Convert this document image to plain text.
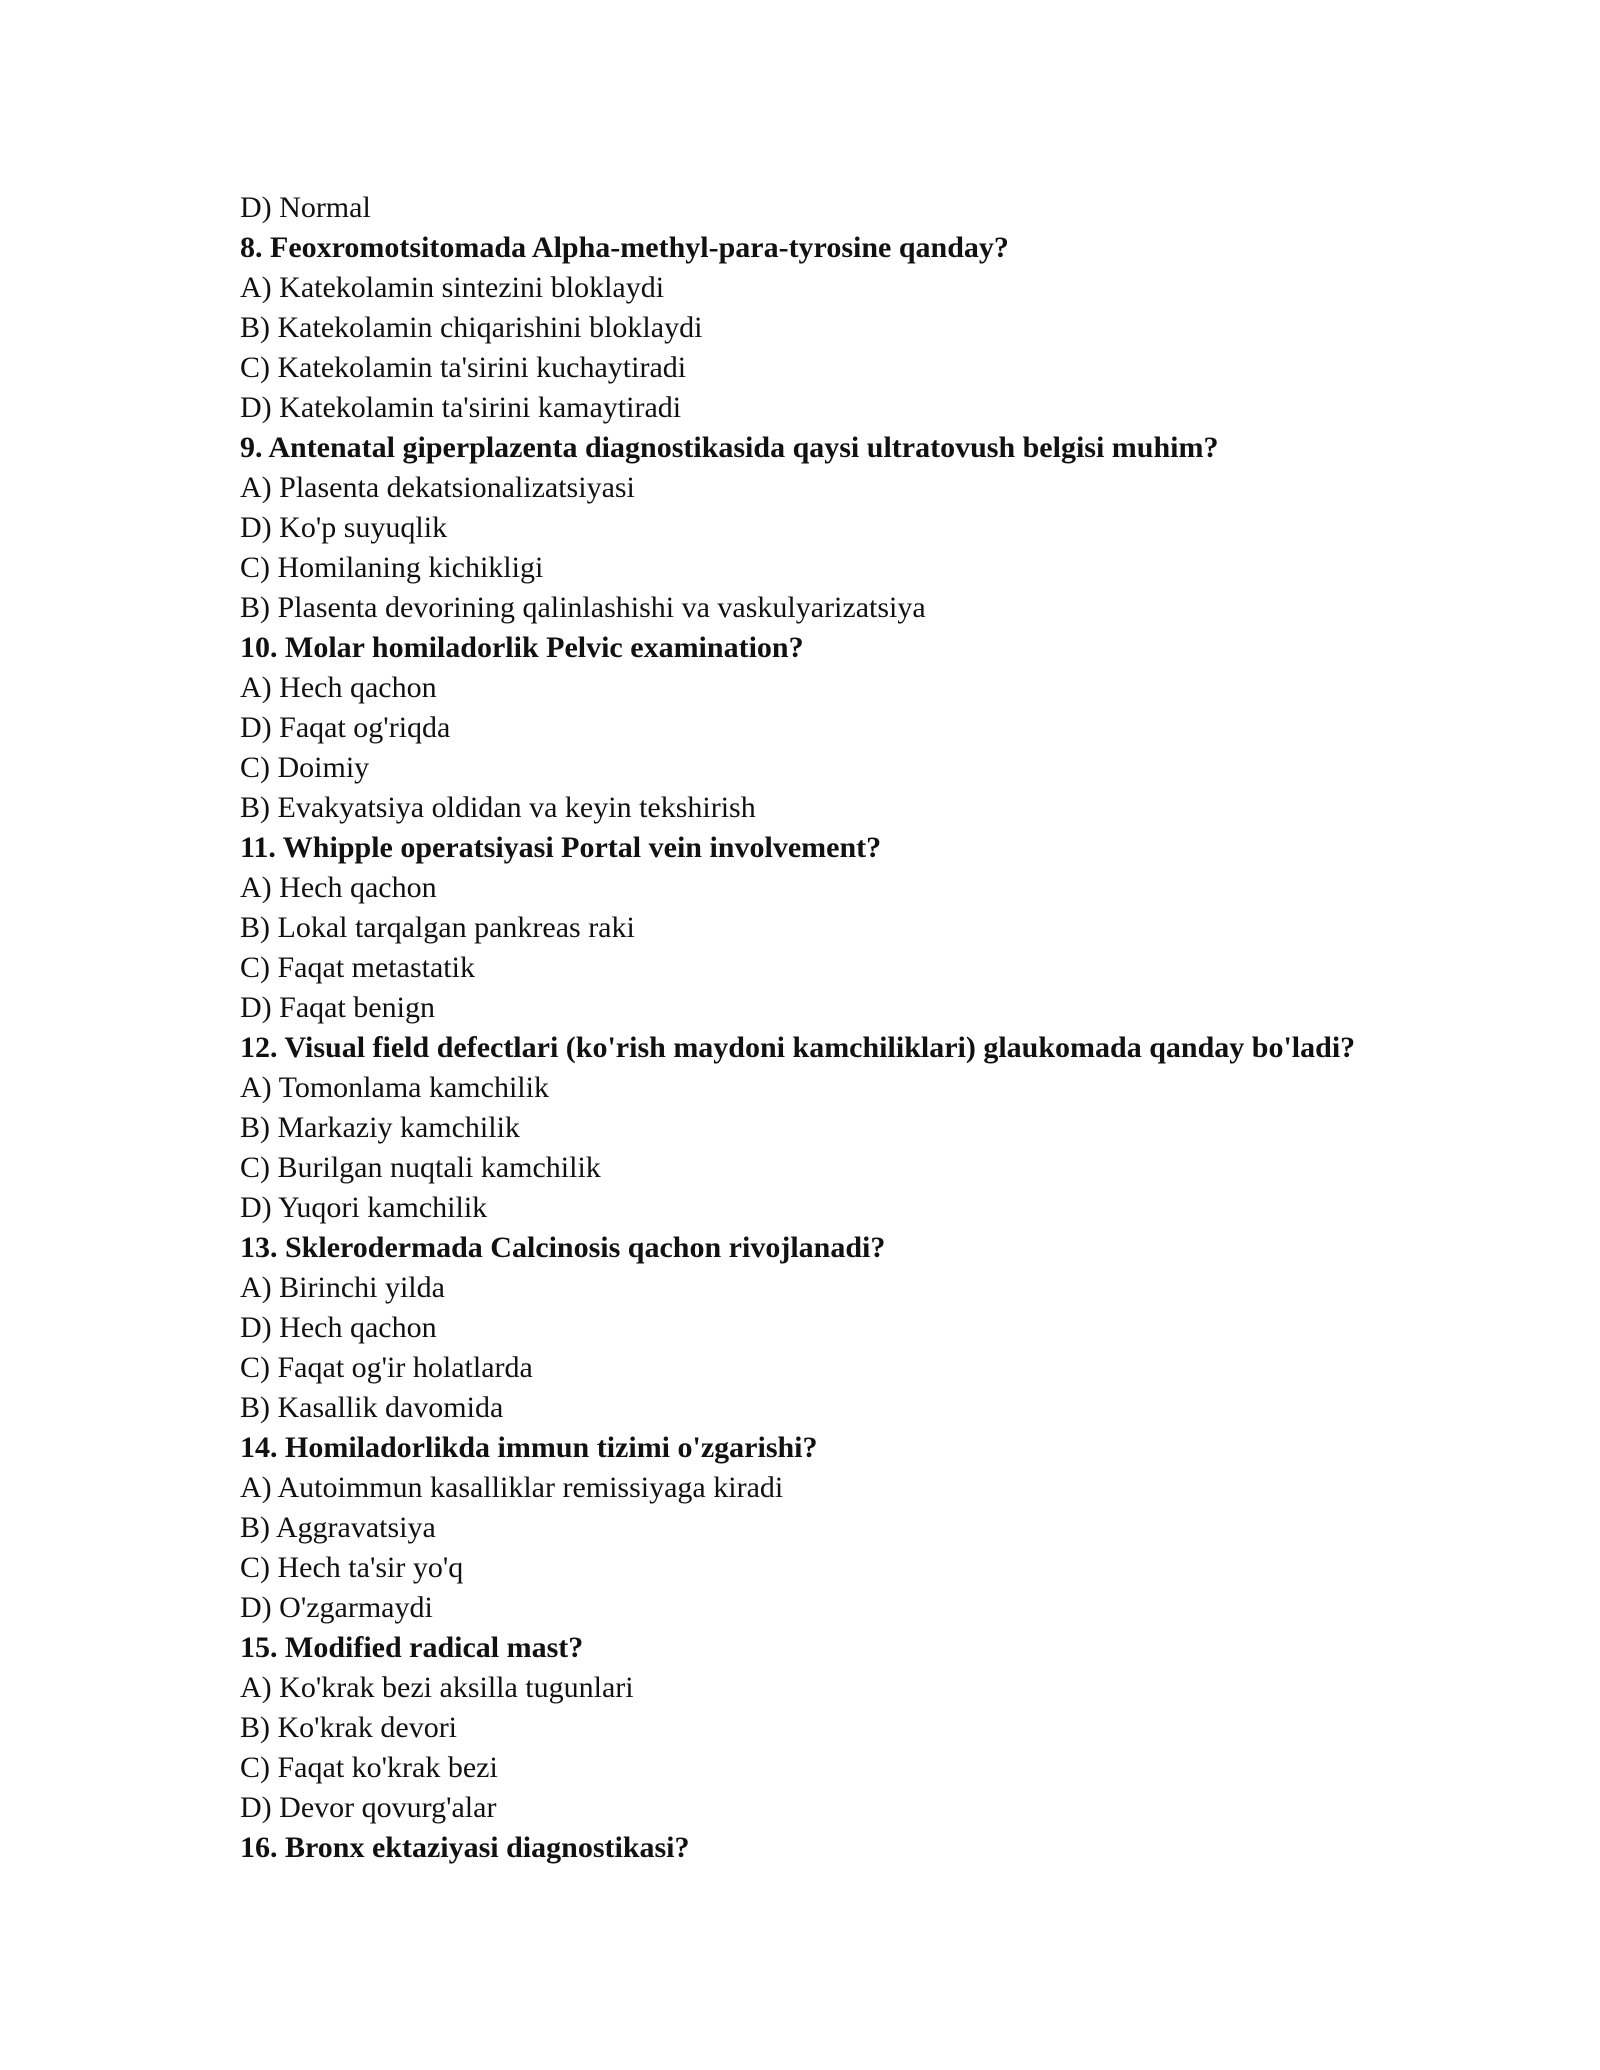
D) Normal
8. Feoxromotsitomada Alpha-methyl-para-tyrosine qanday?
A) Katekolamin sintezini bloklaydi
B) Katekolamin chiqarishini bloklaydi
C) Katekolamin ta'sirini kuchaytiradi
D) Katekolamin ta'sirini kamaytiradi
9. Antenatal giperplazenta diagnostikasida qaysi ultratovush belgisi muhim?
A) Plasenta dekatsionalizatsiyasi
D) Ko'p suyuqlik
C) Homilaning kichikligi
B) Plasenta devorining qalinlashishi va vaskulyarizatsiya
10. Molar homiladorlik Pelvic examination?
A) Hech qachon
D) Faqat og'riqda
C) Doimiy
B) Evakyatsiya oldidan va keyin tekshirish
11. Whipple operatsiyasi Portal vein involvement?
A) Hech qachon
B) Lokal tarqalgan pankreas raki
C) Faqat metastatik
D) Faqat benign
12. Visual field defectlari (ko'rish maydoni kamchiliklari) glaukomada qanday bo'ladi?
A) Tomonlama kamchilik
B) Markaziy kamchilik
C) Burilgan nuqtali kamchilik
D) Yuqori kamchilik
13. Sklerodermada Calcinosis qachon rivojlanadi?
A) Birinchi yilda
D) Hech qachon
C) Faqat og'ir holatlarda
B) Kasallik davomida
14. Homiladorlikda immun tizimi o'zgarishi?
A) Autoimmun kasalliklar remissiyaga kiradi
B) Aggravatsiya
C) Hech ta'sir yo'q
D) O'zgarmaydi
15. Modified radical mast?
A) Ko'krak bezi aksilla tugunlari
B) Ko'krak devori
C) Faqat ko'krak bezi
D) Devor qovurg'alar
16. Bronx ektaziyasi diagnostikasi?
